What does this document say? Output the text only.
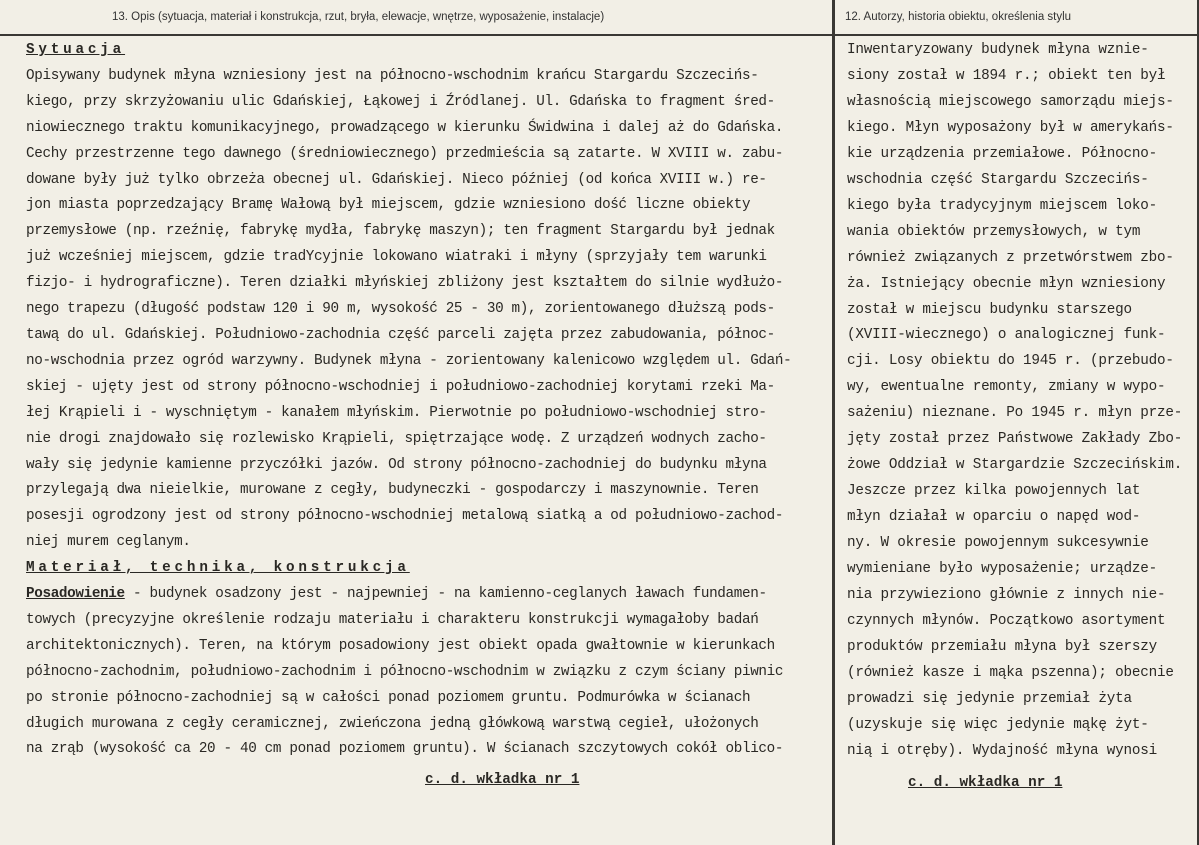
13. Opis (sytuacja, materiał i konstrukcja, rzut, bryła, elewacje, wnętrze, wyposażenie, instalacje)
Sytuacja
Opisywany budynek młyna wzniesiony jest na północno-wschodnim krańcu Stargardu Szczecińs-
kiego, przy skrzyżowaniu ulic Gdańskiej, Łąkowej i Źródlanej. Ul. Gdańska to fragment śred-
niowiecznego traktu komunikacyjnego, prowadzącego w kierunku Świdwina i dalej aż do Gdańska.
Cechy przestrzenne tego dawnego (średniowiecznego) przedmieścia są zatarte. W XVIII w. zabu-
dowane były już tylko obrzeża obecnej ul. Gdańskiej. Nieco później (od końca XVIII w.) re-
jon miasta poprzedzający Bramę Wałową był miejscem, gdzie wzniesiono dość liczne obiekty
przemysłowe (np. rzeźnię, fabrykę mydła, fabrykę maszyn); ten fragment Stargardu był jednak
już wcześniej miejscem, gdzie tradYcyjnie lokowano wiatraki i młyny (sprzyjały tem warunki
fizjo- i hydrograficzne). Teren działki młyńskiej zbliżony jest kształtem do silnie wydłużo-
nego trapezu (długość podstaw 120 i 90 m, wysokość 25 - 30 m), zorientowanego dłuższą pods-
tawą do ul. Gdańskiej. Południowo-zachodnia część parceli zajęta przez zabudowania, północ-
no-wschodnia przez ogród warzywny. Budynek młyna - zorientowany kalenicowo względem ul. Gdań-
skiej - ujęty jest od strony północno-wschodniej i południowo-zachodniej korytami rzeki Ma-
łej Krąpieli i - wyschniętym - kanałem młyńskim. Pierwotnie po południowo-wschodniej stro-
nie drogi znajdowało się rozlewisko Krąpieli, spiętrzające wodę. Z urządzeń wodnych zacho-
wały się jedynie kamienne przyczółki jazów. Od strony północno-zachodniej do budynku młyna
przylegają dwa nieielkie, murowane z cegły, budyneczki - gospodarczy i maszynownie. Teren
posesji ogrodzony jest od strony północno-wschodniej metalową siatką a od południowo-zachod-
niej murem ceglanym.
Materiał, technika, konstrukcja
Posadowienie - budynek osadzony jest - najpewniej - na kamienno-ceglanych ławach fundamen-
towych (precyzyjne określenie rodzaju materiału i charakteru konstrukcji wymagałoby badań
architektonicznych). Teren, na którym posadowiony jest obiekt opada gwałtownie w kierunkach
północno-zachodnim, południowo-zachodnim i północno-wschodnim w związku z czym ściany piwnic
po stronie północno-zachodniej są w całości ponad poziomem gruntu. Podmurówka w ścianach
długich murowana z cegły ceramicznej, zwieńczona jedną główkową warstwą cegieł, ułożonych
na zrąb (wysokość ca 20 - 40 cm ponad poziomem gruntu). W ścianach szczytowych cokół oblico-
c. d. wkładka nr 1
12. Autorzy, historia obiektu, określenia stylu
Inwentaryzowany budynek młyna wznie-
siony został w 1894 r.; obiekt ten był
własnością miejscowego samorządu miejs-
kiego. Młyn wyposażony był w amerykańs-
kie urządzenia przemiałowe. Północno-
wschodnia część Stargardu Szczecińs-
kiego była tradycyjnym miejscem loko-
wania obiektów przemysłowych, w tym
również związanych z przetwórstwem zbo-
ża. Istniejący obecnie młyn wzniesiony
został w miejscu budynku starszego
(XVIII-wiecznego) o analogicznej funk-
cji. Losy obiektu do 1945 r. (przebudo-
wy, ewentualne remonty, zmiany w wypo-
sażeniu) nieznane. Po 1945 r. młyn prze-
jęty został przez Państwowe Zakłady Zbo-
żowe Oddział w Stargardzie Szczecińskim.
Jeszcze przez kilka powojennych lat
młyn działał w oparciu o napęd wod-
ny. W okresie powojennym sukcesywnie
wymieniane było wyposażenie; urządze-
nia przywieziono głównie z innych nie-
czynnych młynów. Początkowo asortyment
produktów przemiału młyna był szerszy
(również kasze i mąka pszenna); obecnie
prowadzi się jedynie przemiał żyta
(uzyskuje się więc jedynie mąkę żyt-
nią i otręby). Wydajność młyna wynosi
c. d. wkładka nr 1
